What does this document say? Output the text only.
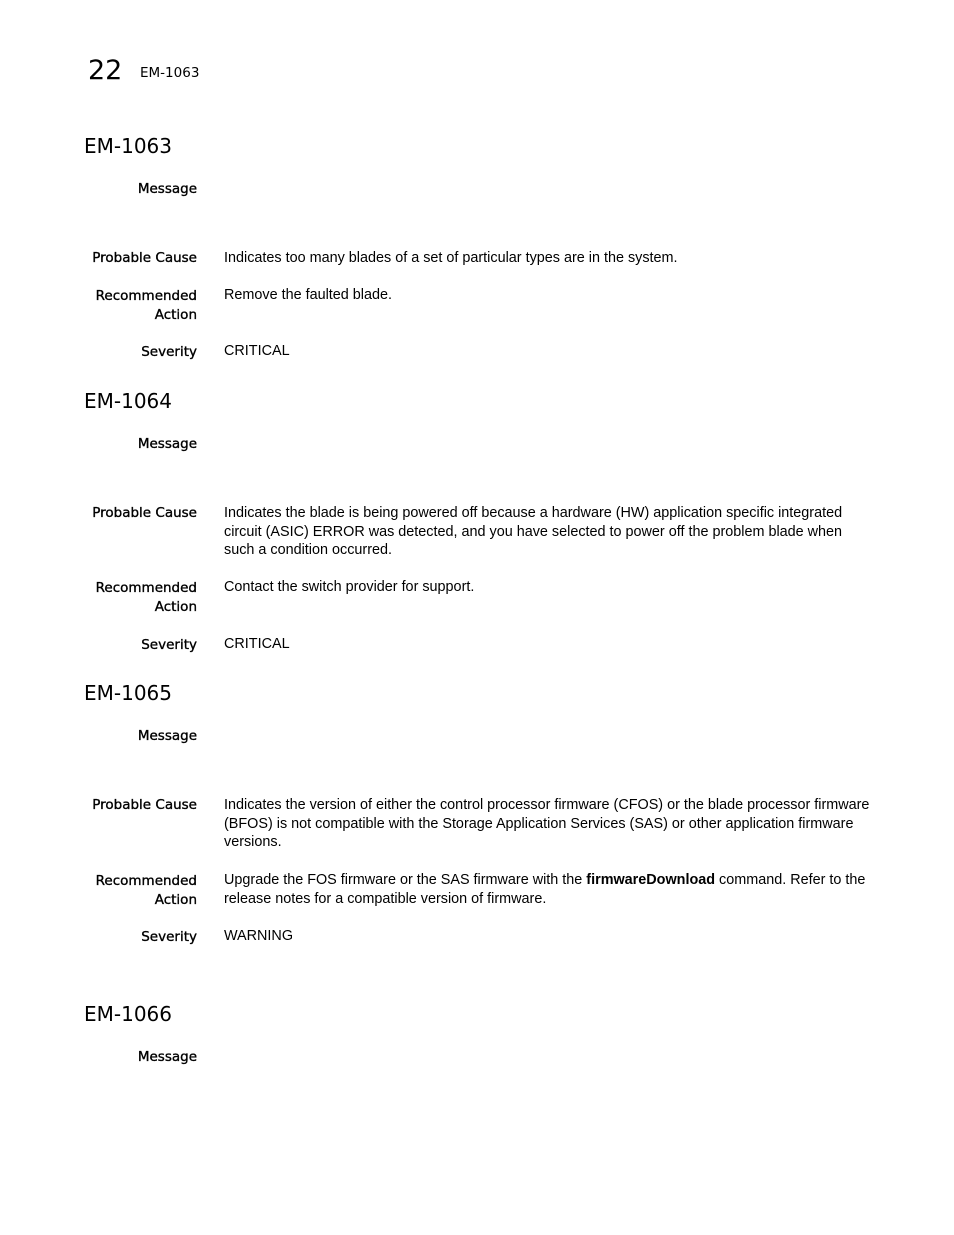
22 EM-1063
EM-1063
Message
Probable Cause Indicates too many blades of a set of particular types are in the system.
Recommended
Action
Remove the faulted blade.
Severity CRITICAL
EM-1064
Message
Probable Cause Indicates the blade is being powered off because a hardware (HW) application specific integrated circuit (ASIC) ERROR was detected, and you have selected to power off the problem blade when such a condition occurred.
Recommended
Action
Contact the switch provider for support.
Severity CRITICAL
EM-1065
Message
Probable Cause Indicates the version of either the control processor firmware (CFOS) or the blade processor firmware (BFOS) is not compatible with the Storage Application Services (SAS) or other application firmware versions.
Recommended
Action
Upgrade the FOS firmware or the SAS firmware with the firmwareDownload command. Refer to the release notes for a compatible version of firmware.
Severity WARNING
EM-1066
Message
